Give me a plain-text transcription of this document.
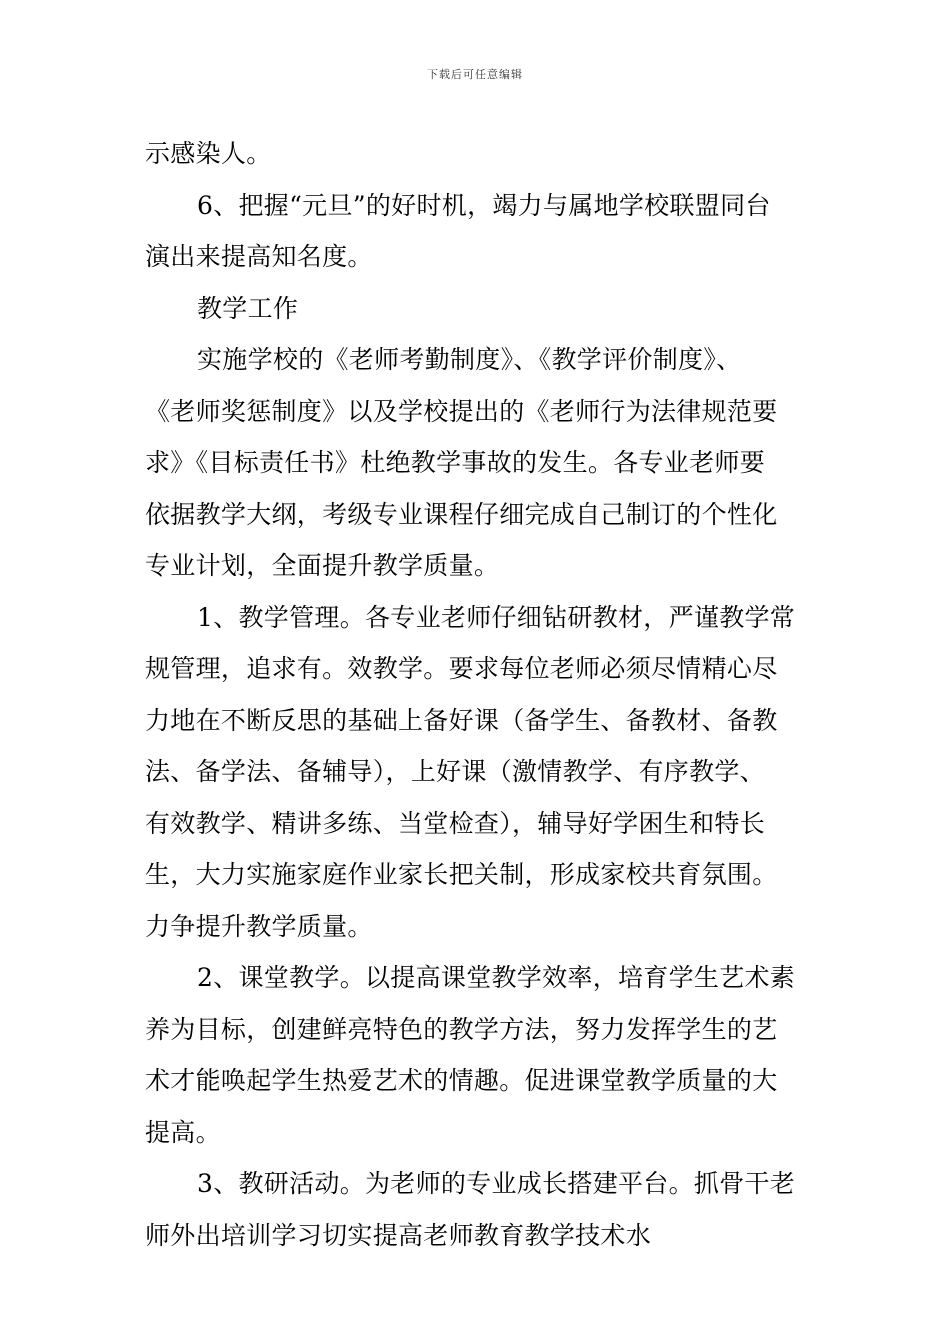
下载后可任意编辑
示感染人。
6、把握“元旦”的好时机，竭力与属地学校联盟同台
演出来提高知名度。
教学工作
实施学校的《老师考勤制度》、《教学评价制度》、
《老师奖惩制度》以及学校提出的《老师行为法律规范要
求》《目标责任书》杜绝教学事故的发生。各专业老师要
依据教学大纲，考级专业课程仔细完成自己制订的个性化
专业计划，全面提升教学质量。
1、教学管理。各专业老师仔细钻研教材，严谨教学常
规管理，追求有。效教学。要求每位老师必须尽情精心尽
力地在不断反思的基础上备好课（备学生、备教材、备教
法、备学法、备辅导），上好课（激情教学、有序教学、
有效教学、精讲多练、当堂检查），辅导好学困生和特长
生，大力实施家庭作业家长把关制，形成家校共育氛围。
力争提升教学质量。
2、课堂教学。以提高课堂教学效率，培育学生艺术素
养为目标，创建鲜亮特色的教学方法，努力发挥学生的艺
术才能唤起学生热爱艺术的情趣。促进课堂教学质量的大
提高。
3、教研活动。为老师的专业成长搭建平台。抓骨干老
师外出培训学习切实提高老师教育教学技术水
